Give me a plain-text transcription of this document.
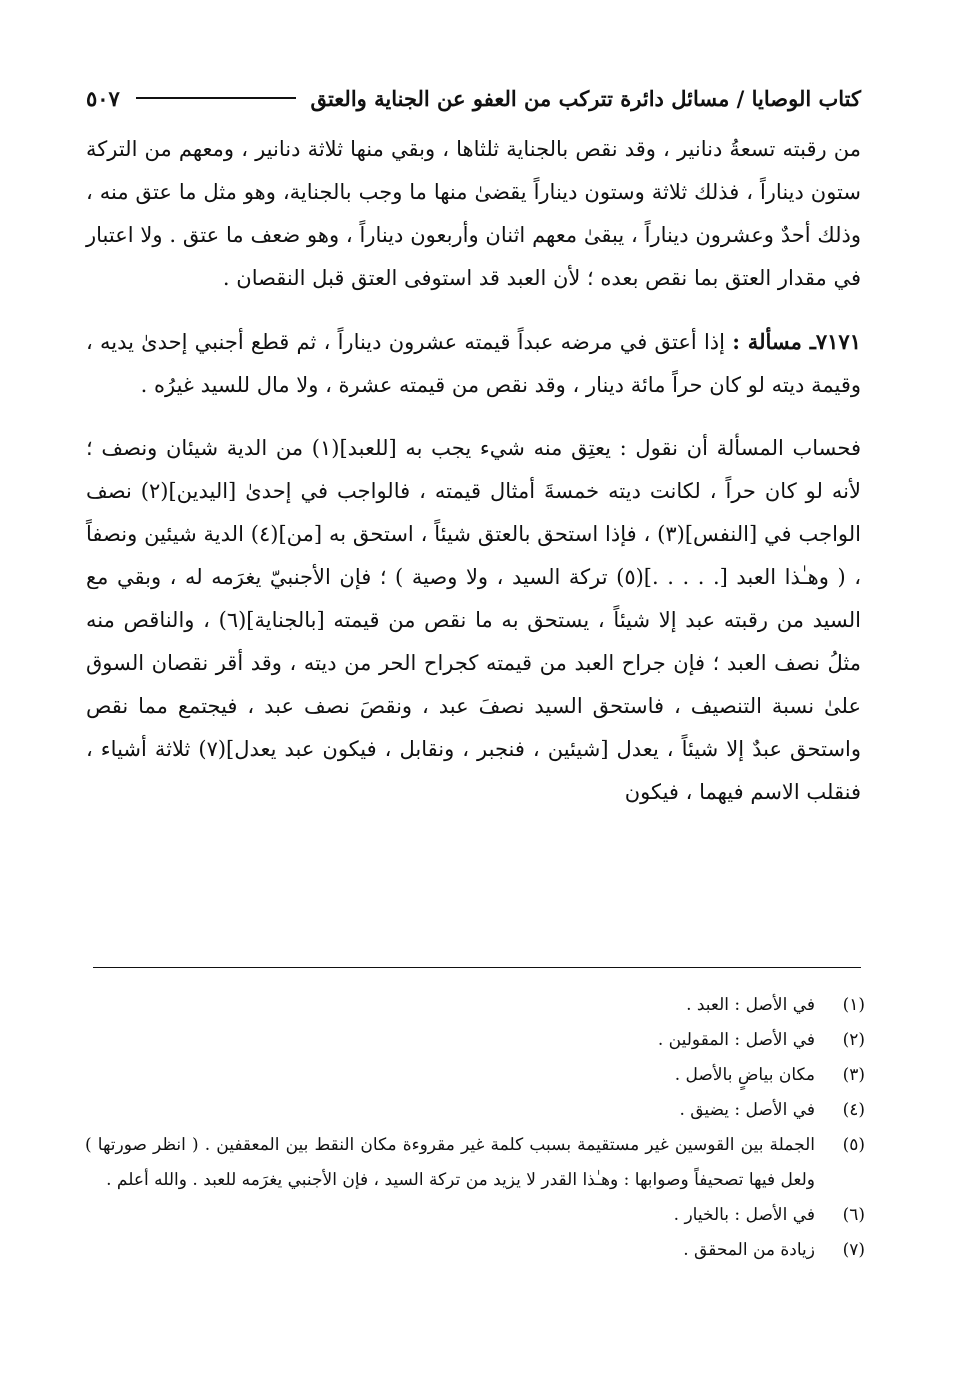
كتاب الوصايا / مسائل دائرة تتركب من العفو عن الجناية والعتق
٥٠٧

من رقبته تسعةُ دنانير ، وقد نقص بالجناية ثلثاها ، وبقي منها ثلاثة دنانير ، ومعهم من التركة ستون ديناراً ، فذلك ثلاثة وستون ديناراً يقضىٰ منها ما وجب بالجناية، وهو مثل ما عتق منه ، وذلك أحدٌ وعشرون ديناراً ، يبقىٰ معهم اثنان وأربعون ديناراً ، وهو ضعف ما عتق . ولا اعتبار في مقدار العتق بما نقص بعده ؛ لأن العبد قد استوفى العتق قبل النقصان .

٧١٧١ـ مسألة : إذا أعتق في مرضه عبداً قيمته عشرون ديناراً ، ثم قطع أجنبي إحدىٰ يديه ، وقيمة ديته لو كان حراً مائة دينار ، وقد نقص من قيمته عشرة ، ولا مال للسيد غيرُه .

فحساب المسألة أن نقول : يعتِق منه شيء يجب به [للعبد](١) من الدية شيئان ونصف ؛ لأنه لو كان حراً ، لكانت ديته خمسةَ أمثال قيمته ، فالواجب في إحدىٰ [اليدين](٢) نصف الواجب في [النفس](٣) ، فإذا استحق بالعتق شيئاً ، استحق به [من](٤) الدية شيئين ونصفاً ، ( وهـٰذا العبد [. . . . .](٥) تركة السيد ، ولا وصية ) ؛ فإن الأجنبيّ يغرَمه له ، وبقي مع السيد من رقبته عبد إلا شيئاً ، يستحق به ما نقص من قيمته [بالجناية](٦) ، والناقص منه مثلُ نصف العبد ؛ فإن جراح العبد من قيمته كجراح الحر من ديته ، وقد أقر نقصان السوق علىٰ نسبة التنصيف ، فاستحق السيد نصفَ عبد ، ونقصَ نصف عبد ، فيجتمع مما نقص واستحق عبدٌ إلا شيئاً ، يعدل [شيئين ، فنجبر ، ونقابل ، فيكون عبد يعدل](٧) ثلاثة أشياء ، فنقلب الاسم فيهما ، فيكون

(١)
في الأصل : العبد .
(٢)
في الأصل : المقولين .
(٣)
مكان بياضٍ بالأصل .
(٤)
في الأصل : يضيق .
(٥)
الجملة بين القوسين غير مستقيمة بسبب كلمة غير مقروءة مكان النقط بين المعقفين . ( انظر صورتها ) ولعل فيها تصحيفاً وصوابها : وهـٰذا القدر لا يزيد من تركة السيد ، فإن الأجنبي يغرَمه للعبد . والله أعلم .
(٦)
في الأصل : بالخيار .
(٧)
زيادة من المحقق .
